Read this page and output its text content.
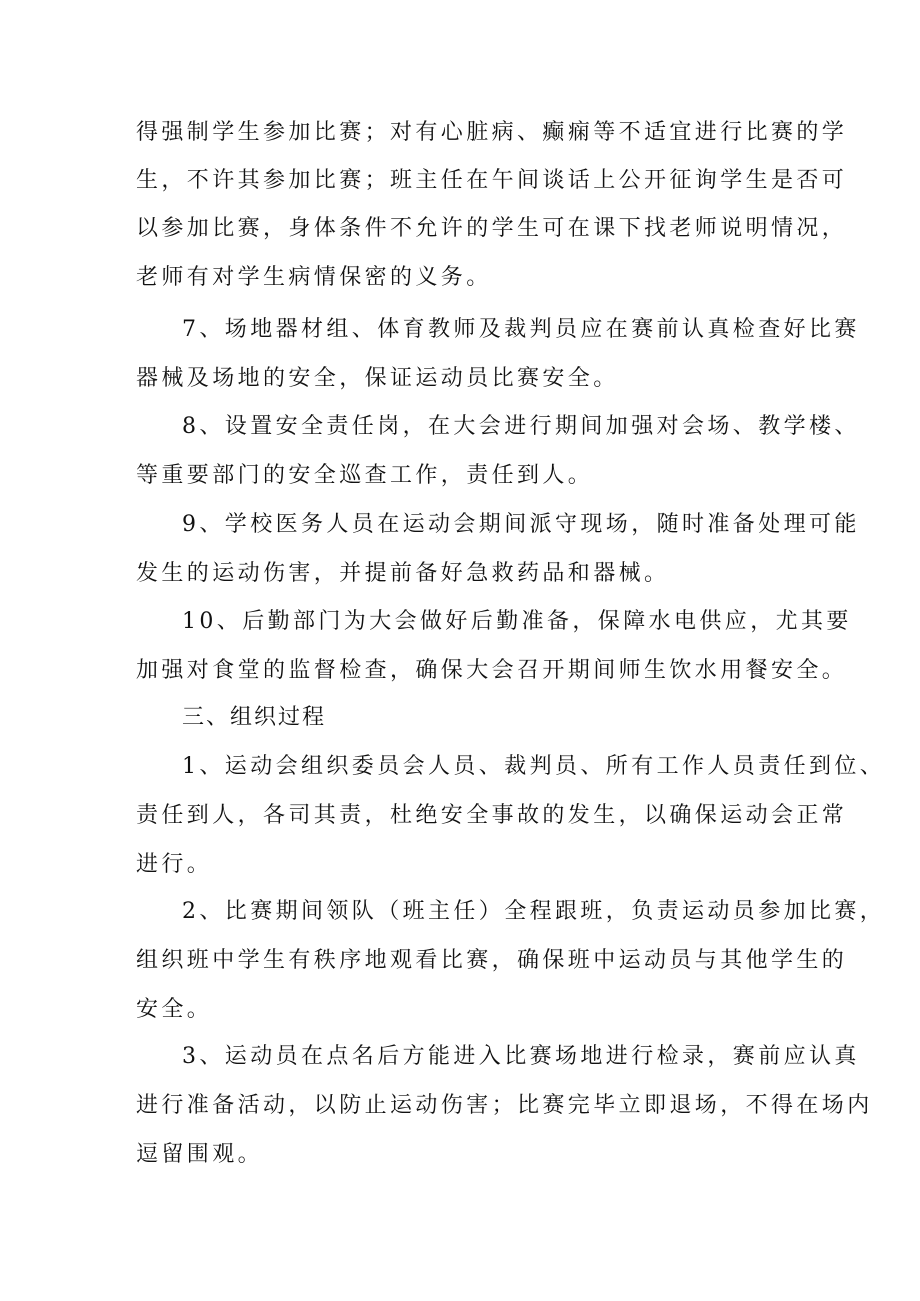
得强制学生参加比赛；对有心脏病、癫痫等不适宜进行比赛的学
生，不许其参加比赛；班主任在午间谈话上公开征询学生是否可
以参加比赛，身体条件不允许的学生可在课下找老师说明情况，
老师有对学生病情保密的义务。
7、场地器材组、体育教师及裁判员应在赛前认真检查好比赛
器械及场地的安全，保证运动员比赛安全。
8、设置安全责任岗，在大会进行期间加强对会场、教学楼、
等重要部门的安全巡查工作，责任到人。
9、学校医务人员在运动会期间派守现场，随时准备处理可能
发生的运动伤害，并提前备好急救药品和器械。
10、后勤部门为大会做好后勤准备，保障水电供应，尤其要
加强对食堂的监督检查，确保大会召开期间师生饮水用餐安全。
三、组织过程
1、运动会组织委员会人员、裁判员、所有工作人员责任到位、
责任到人，各司其责，杜绝安全事故的发生，以确保运动会正常
进行。
2、比赛期间领队（班主任）全程跟班，负责运动员参加比赛，
组织班中学生有秩序地观看比赛，确保班中运动员与其他学生的
安全。
3、运动员在点名后方能进入比赛场地进行检录，赛前应认真
进行准备活动，以防止运动伤害；比赛完毕立即退场，不得在场内
逗留围观。
